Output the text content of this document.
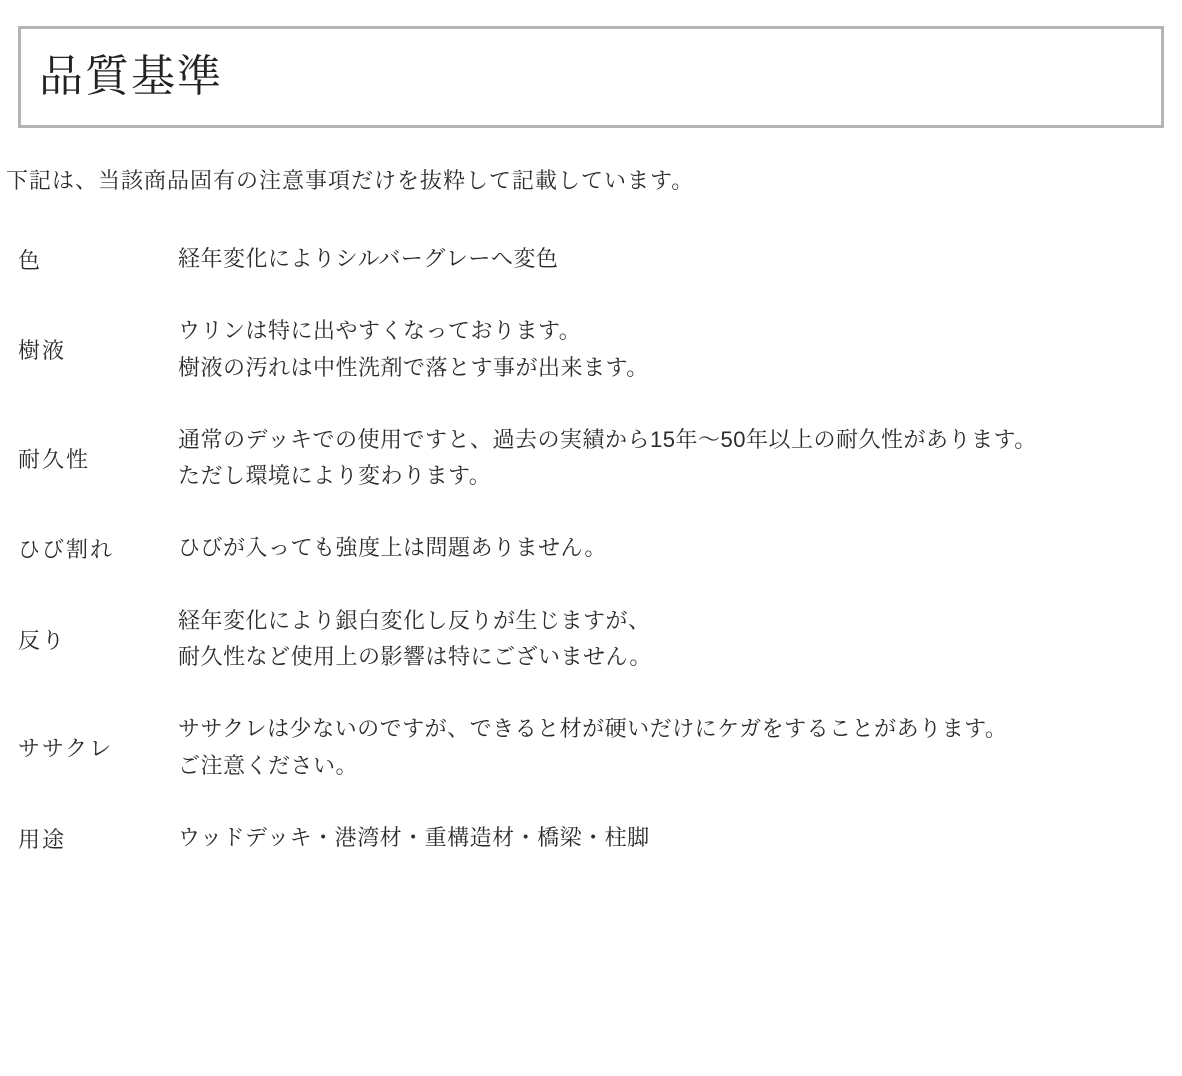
品質基準
下記は、当該商品固有の注意事項だけを抜粋して記載しています。
色	経年変化によりシルバーグレーへ変色

樹液	ウリンは特に出やすくなっております。
樹液の汚れは中性洗剤で落とす事が出来ます。

耐久性	通常のデッキでの使用ですと、過去の実績から15年〜50年以上の耐久性があります。
ただし環境により変わります。

ひび割れ	ひびが入っても強度上は問題ありません。

反り	経年変化により銀白変化し反りが生じますが、
耐久性など使用上の影響は特にございません。

ササクレ	ササクレは少ないのですが、できると材が硬いだけにケガをすることがあります。
ご注意ください。

用途	ウッドデッキ・港湾材・重構造材・橋梁・柱脚
